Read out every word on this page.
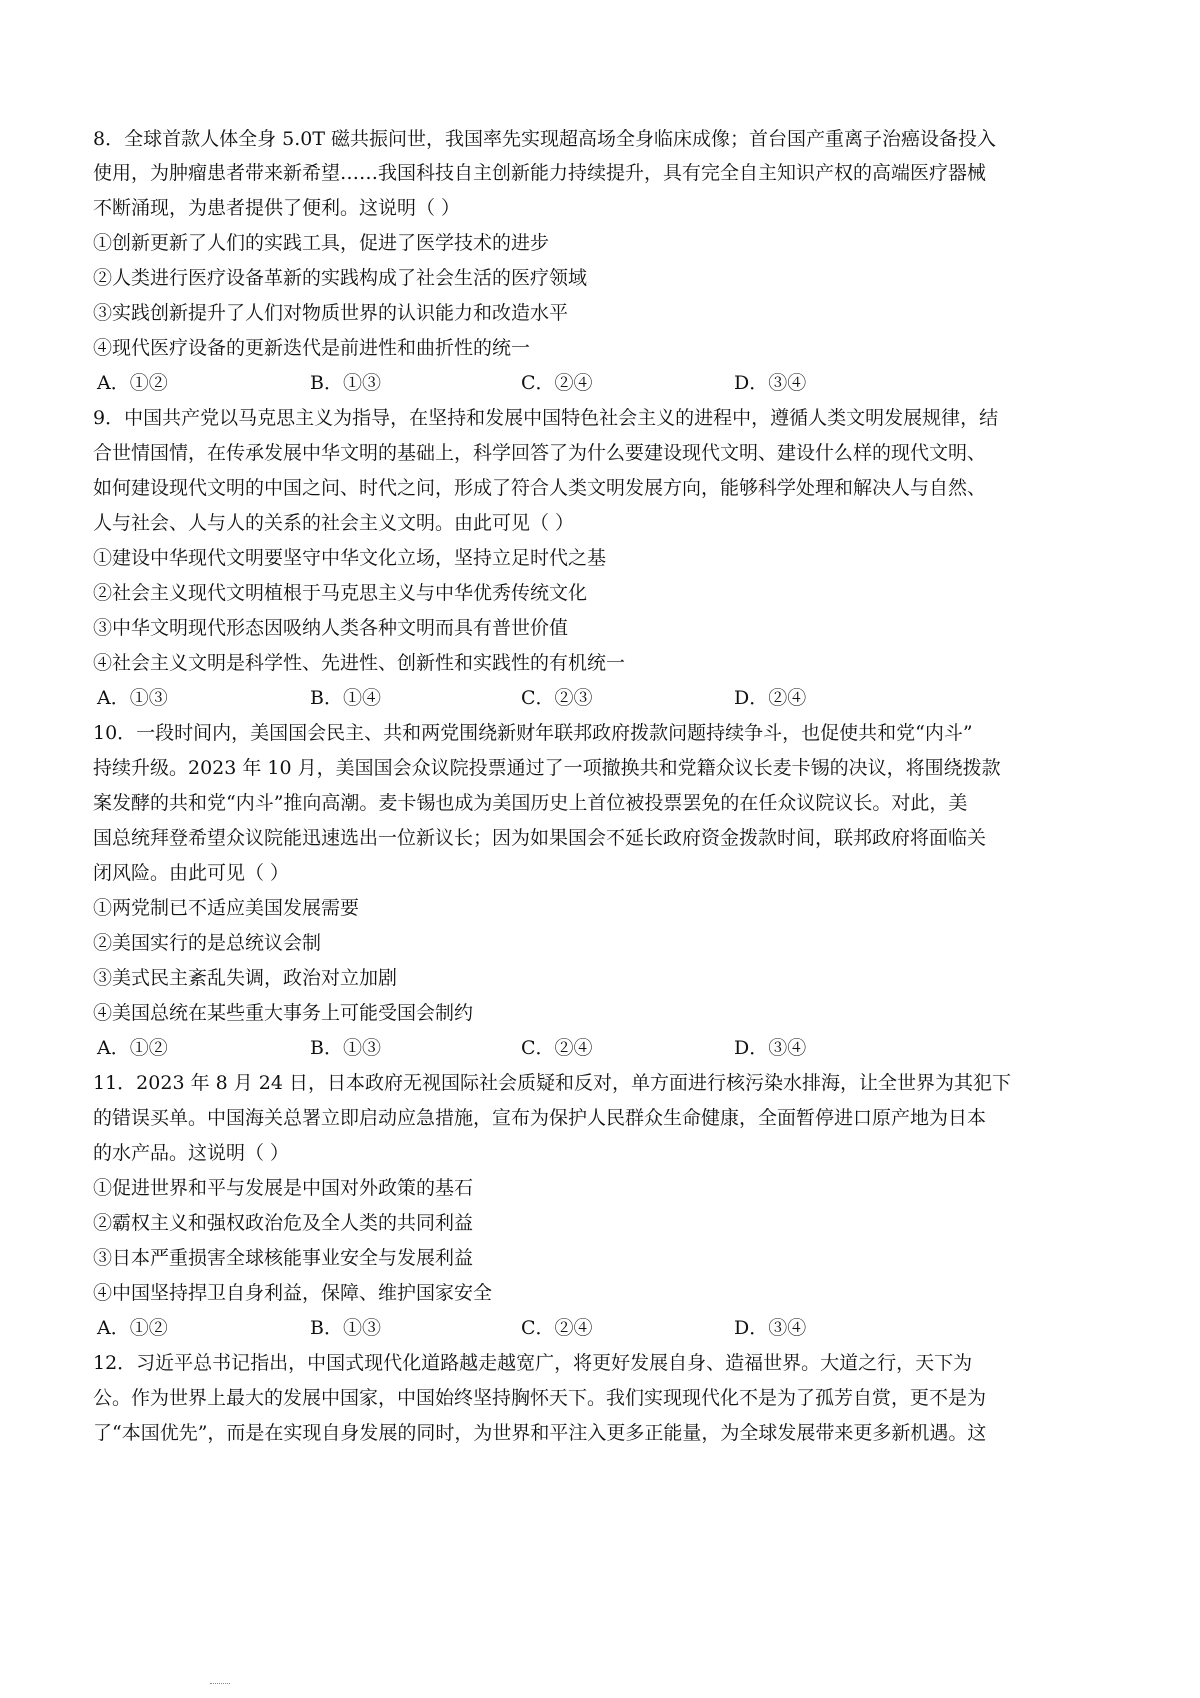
8．全球首款人体全身 5.0T 磁共振问世，我国率先实现超高场全身临床成像；首台国产重离子治癌设备投入
使用，为肿瘤患者带来新希望……我国科技自主创新能力持续提升，具有完全自主知识产权的高端医疗器械
不断涌现，为患者提供了便利。这说明（ ）
①创新更新了人们的实践工具，促进了医学技术的进步
②人类进行医疗设备革新的实践构成了社会生活的医疗领域
③实践创新提升了人们对物质世界的认识能力和改造水平
④现代医疗设备的更新迭代是前进性和曲折性的统一
A．①②	B．①③	C．②④	D．③④
9．中国共产党以马克思主义为指导，在坚持和发展中国特色社会主义的进程中，遵循人类文明发展规律，结
合世情国情，在传承发展中华文明的基础上，科学回答了为什么要建设现代文明、建设什么样的现代文明、
如何建设现代文明的中国之问、时代之问，形成了符合人类文明发展方向，能够科学处理和解决人与自然、
人与社会、人与人的关系的社会主义文明。由此可见（ ）
①建设中华现代文明要坚守中华文化立场，坚持立足时代之基
②社会主义现代文明植根于马克思主义与中华优秀传统文化
③中华文明现代形态因吸纳人类各种文明而具有普世价值
④社会主义文明是科学性、先进性、创新性和实践性的有机统一
A．①③	B．①④	C．②③	D．②④
10．一段时间内，美国国会民主、共和两党围绕新财年联邦政府拨款问题持续争斗，也促使共和党“内斗”
持续升级。2023 年 10 月，美国国会众议院投票通过了一项撤换共和党籍众议长麦卡锡的决议，将围绕拨款
案发酵的共和党“内斗”推向高潮。麦卡锡也成为美国历史上首位被投票罢免的在任众议院议长。对此，美
国总统拜登希望众议院能迅速选出一位新议长；因为如果国会不延长政府资金拨款时间，联邦政府将面临关
闭风险。由此可见（ ）
①两党制已不适应美国发展需要
②美国实行的是总统议会制
③美式民主紊乱失调，政治对立加剧
④美国总统在某些重大事务上可能受国会制约
A．①②	B．①③	C．②④	D．③④
11．2023 年 8 月 24 日，日本政府无视国际社会质疑和反对，单方面进行核污染水排海，让全世界为其犯下
的错误买单。中国海关总署立即启动应急措施，宣布为保护人民群众生命健康，全面暂停进口原产地为日本
的水产品。这说明（ ）
①促进世界和平与发展是中国对外政策的基石
②霸权主义和强权政治危及全人类的共同利益
③日本严重损害全球核能事业安全与发展利益
④中国坚持捍卫自身利益，保障、维护国家安全
A．①②	B．①③	C．②④	D．③④
12．习近平总书记指出，中国式现代化道路越走越宽广，将更好发展自身、造福世界。大道之行，天下为
公。作为世界上最大的发展中国家，中国始终坚持胸怀天下。我们实现现代化不是为了孤芳自赏，更不是为
了“本国优先”，而是在实现自身发展的同时，为世界和平注入更多正能量，为全球发展带来更多新机遇。这
